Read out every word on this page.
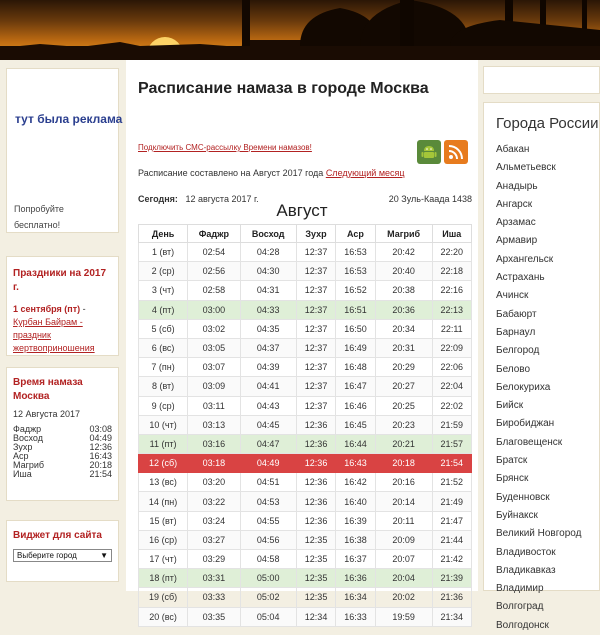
тут была реклама
Попробуйте
бесплатно!
Праздники на 2017 г.
1 сентября (пт) - Курбан Байрам - праздник жертвоприношения
Время намаза Москва
12 Августа 2017
Фаджр	03:08
Восход	04:49
Зухр	12:36
Аср	16:43
Магриб	20:18
Иша	21:54
Виджет для сайта
Выберите город	▼
Расписание намаза в городе Москва
Подключить СМС-рассылку Времени намазов!
Расписание составлено на Август 2017 года Следующий месяц
Сегодня: 12 августа 2017 г.	20 Зуль-Каада 1438
Август
День	Фаджр	Восход	Зухр	Аср	Магриб	Иша
1 (вт)	02:54	04:28	12:37	16:53	20:42	22:20
2 (ср)	02:56	04:30	12:37	16:53	20:40	22:18
3 (чт)	02:58	04:31	12:37	16:52	20:38	22:16
4 (пт)	03:00	04:33	12:37	16:51	20:36	22:13
5 (сб)	03:02	04:35	12:37	16:50	20:34	22:11
6 (вс)	03:05	04:37	12:37	16:49	20:31	22:09
7 (пн)	03:07	04:39	12:37	16:48	20:29	22:06
8 (вт)	03:09	04:41	12:37	16:47	20:27	22:04
9 (ср)	03:11	04:43	12:37	16:46	20:25	22:02
10 (чт)	03:13	04:45	12:36	16:45	20:23	21:59
11 (пт)	03:16	04:47	12:36	16:44	20:21	21:57
12 (сб)	03:18	04:49	12:36	16:43	20:18	21:54
13 (вс)	03:20	04:51	12:36	16:42	20:16	21:52
14 (пн)	03:22	04:53	12:36	16:40	20:14	21:49
15 (вт)	03:24	04:55	12:36	16:39	20:11	21:47
16 (ср)	03:27	04:56	12:35	16:38	20:09	21:44
17 (чт)	03:29	04:58	12:35	16:37	20:07	21:42
18 (пт)	03:31	05:00	12:35	16:36	20:04	21:39
19 (сб)	03:33	05:02	12:35	16:34	20:02	21:36
20 (вс)	03:35	05:04	12:34	16:33	19:59	21:34
Города России
Абакан
Альметьевск
Анадырь
Ангарск
Арзамас
Армавир
Архангельск
Астрахань
Ачинск
Бабаюрт
Барнаул
Белгород
Белово
Белокуриха
Бийск
Биробиджан
Благовещенск
Братск
Брянск
Буденновск
Буйнакск
Великий Новгород
Владивосток
Владикавказ
Владимир
Волгоград
Волгодонск
